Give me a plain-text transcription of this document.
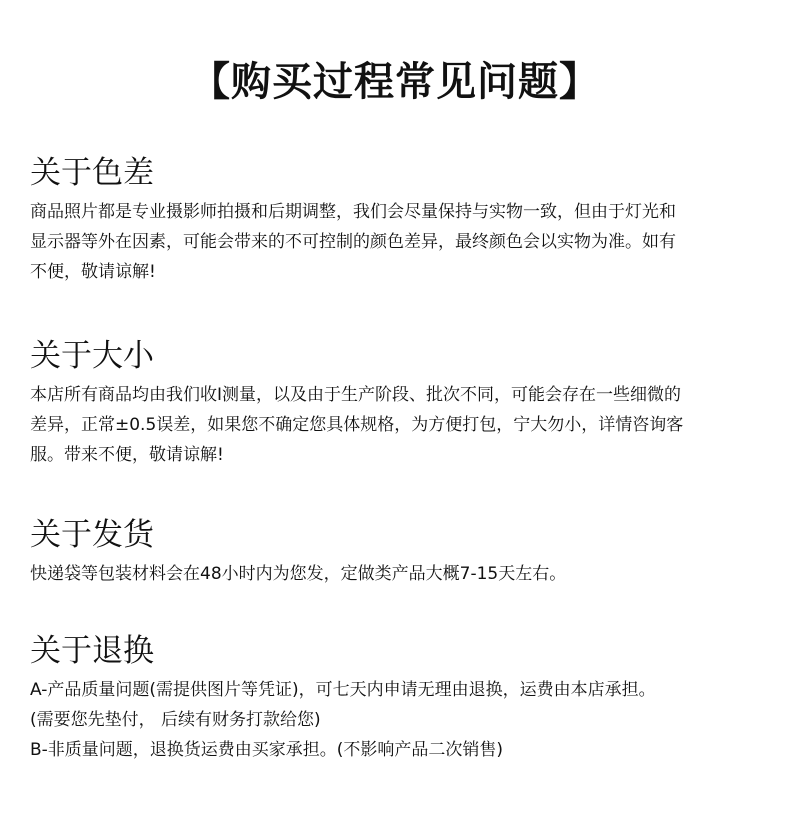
【购买过程常见问题】
关于色差
商品照片都是专业摄影师拍摄和后期调整，我们会尽量保持与实物一致，但由于灯光和
显示器等外在因素，可能会带来的不可控制的颜色差异，最终颜色会以实物为准。如有
不便，敬请谅解!
关于大小
本店所有商品均由我们收I测量，以及由于生产阶段、批次不同，可能会存在一些细微的
差异，正常±0.5误差，如果您不确定您具体规格，为方便打包，宁大勿小，详情咨询客
服。带来不便，敬请谅解!
关于发货
快递袋等包装材料会在48小时内为您发，定做类产品大概7-15天左右。
关于退换
A-产品质量问题(需提供图片等凭证)，可七天内申请无理由退换，运费由本店承担。
(需要您先垫付， 后续有财务打款给您)
B-非质量问题，退换货运费由买家承担。(不影响产品二次销售)
